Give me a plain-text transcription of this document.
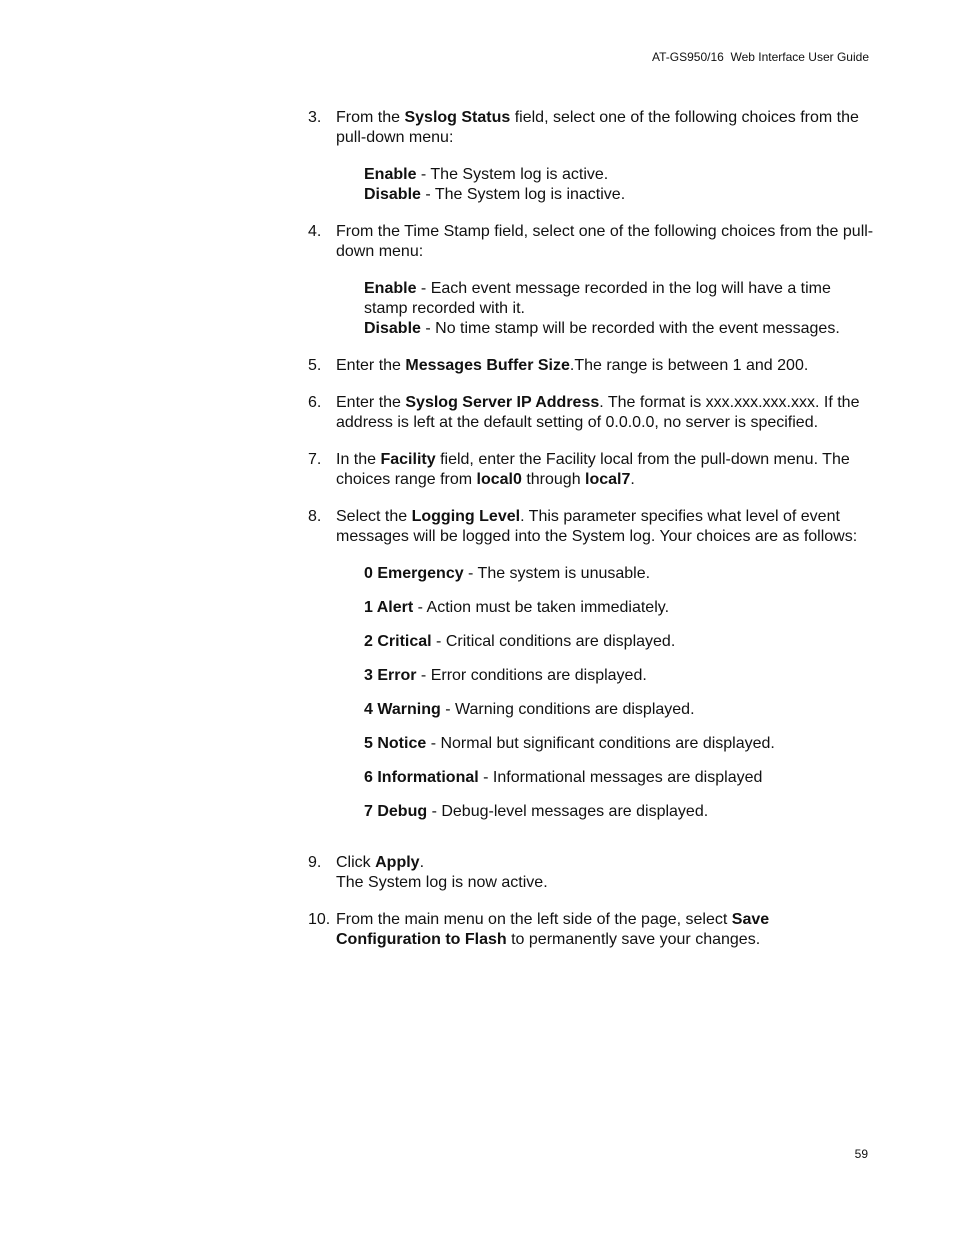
AT-GS950/16  Web Interface User Guide
3. From the Syslog Status field, select one of the following choices from the pull-down menu:

Enable - The System log is active.

Disable - The System log is inactive.

4. From the Time Stamp field, select one of the following choices from the pull-down menu:

Enable - Each event message recorded in the log will have a time stamp recorded with it.

Disable - No time stamp will be recorded with the event messages.

5. Enter the Messages Buffer Size.The range is between 1 and 200.

6. Enter the Syslog Server IP Address. The format is xxx.xxx.xxx.xxx. If the address is left at the default setting of 0.0.0.0, no server is specified.

7. In the Facility field, enter the Facility local from the pull-down menu. The choices range from local0 through local7.

8. Select the Logging Level. This parameter specifies what level of event messages will be logged into the System log. Your choices are as follows:

0 Emergency - The system is unusable.

1 Alert - Action must be taken immediately.

2 Critical - Critical conditions are displayed.

3 Error - Error conditions are displayed.

4 Warning - Warning conditions are displayed.

5 Notice - Normal but significant conditions are displayed.

6 Informational - Informational messages are displayed

7 Debug - Debug-level messages are displayed.

9. Click Apply.

The System log is now active.

10. From the main menu on the left side of the page, select Save Configuration to Flash to permanently save your changes.

59
